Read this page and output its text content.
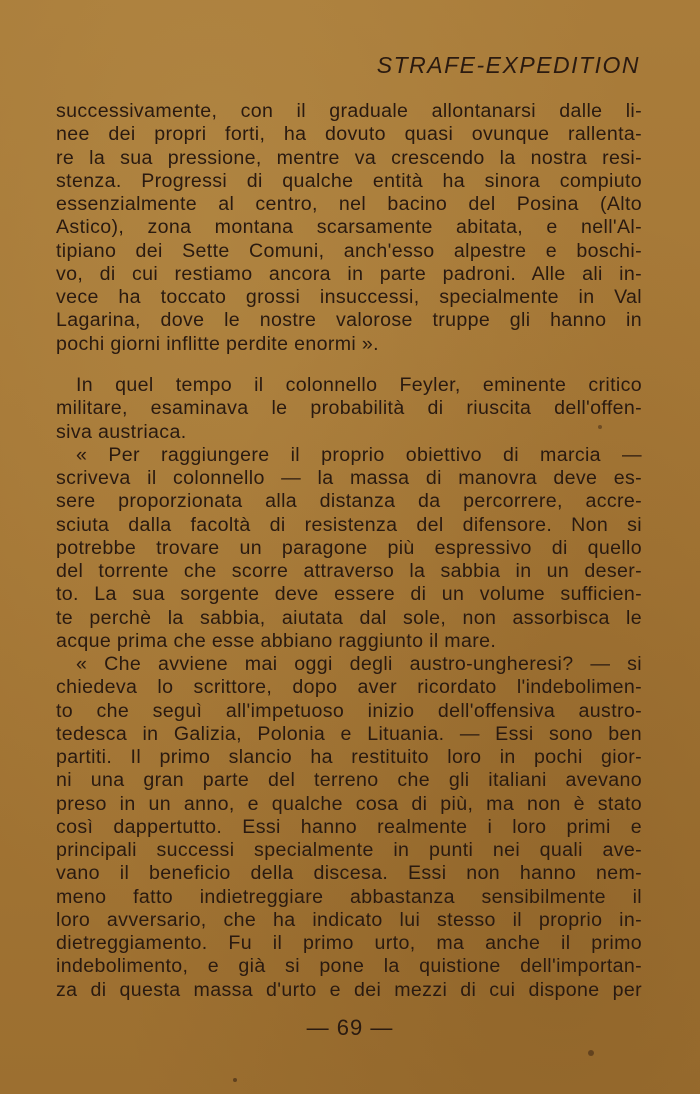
STRAFE-EXPEDITION
successivamente, con il graduale allontanarsi dalle li-
nee dei propri forti, ha dovuto quasi ovunque rallenta-
re la sua pressione, mentre va crescendo la nostra resi-
stenza. Progressi di qualche entità ha sinora compiuto
essenzialmente al centro, nel bacino del Posina (Alto
Astico), zona montana scarsamente abitata, e nell'Al-
tipiano dei Sette Comuni, anch'esso alpestre e boschi-
vo, di cui restiamo ancora in parte padroni. Alle ali in-
vece ha toccato grossi insuccessi, specialmente in Val
Lagarina, dove le nostre valorose truppe gli hanno in
pochi giorni inflitte perdite enormi ».
In quel tempo il colonnello Feyler, eminente critico
militare, esaminava le probabilità di riuscita dell'offen-
siva austriaca.
« Per raggiungere il proprio obiettivo di marcia —
scriveva il colonnello — la massa di manovra deve es-
sere proporzionata alla distanza da percorrere, accre-
sciuta dalla facoltà di resistenza del difensore. Non si
potrebbe trovare un paragone più espressivo di quello
del torrente che scorre attraverso la sabbia in un deser-
to. La sua sorgente deve essere di un volume sufficien-
te perchè la sabbia, aiutata dal sole, non assorbisca le
acque prima che esse abbiano raggiunto il mare.
« Che avviene mai oggi degli austro-ungheresi? — si
chiedeva lo scrittore, dopo aver ricordato l'indebolimen-
to che seguì all'impetuoso inizio dell'offensiva austro-
tedesca in Galizia, Polonia e Lituania. — Essi sono ben
partiti. Il primo slancio ha restituito loro in pochi gior-
ni una gran parte del terreno che gli italiani avevano
preso in un anno, e qualche cosa di più, ma non è stato
così dappertutto. Essi hanno realmente i loro primi e
principali successi specialmente in punti nei quali ave-
vano il beneficio della discesa. Essi non hanno nem-
meno fatto indietreggiare abbastanza sensibilmente il
loro avversario, che ha indicato lui stesso il proprio in-
dietreggiamento. Fu il primo urto, ma anche il primo
indebolimento, e già si pone la quistione dell'importan-
za di questa massa d'urto e dei mezzi di cui dispone per
— 69 —
